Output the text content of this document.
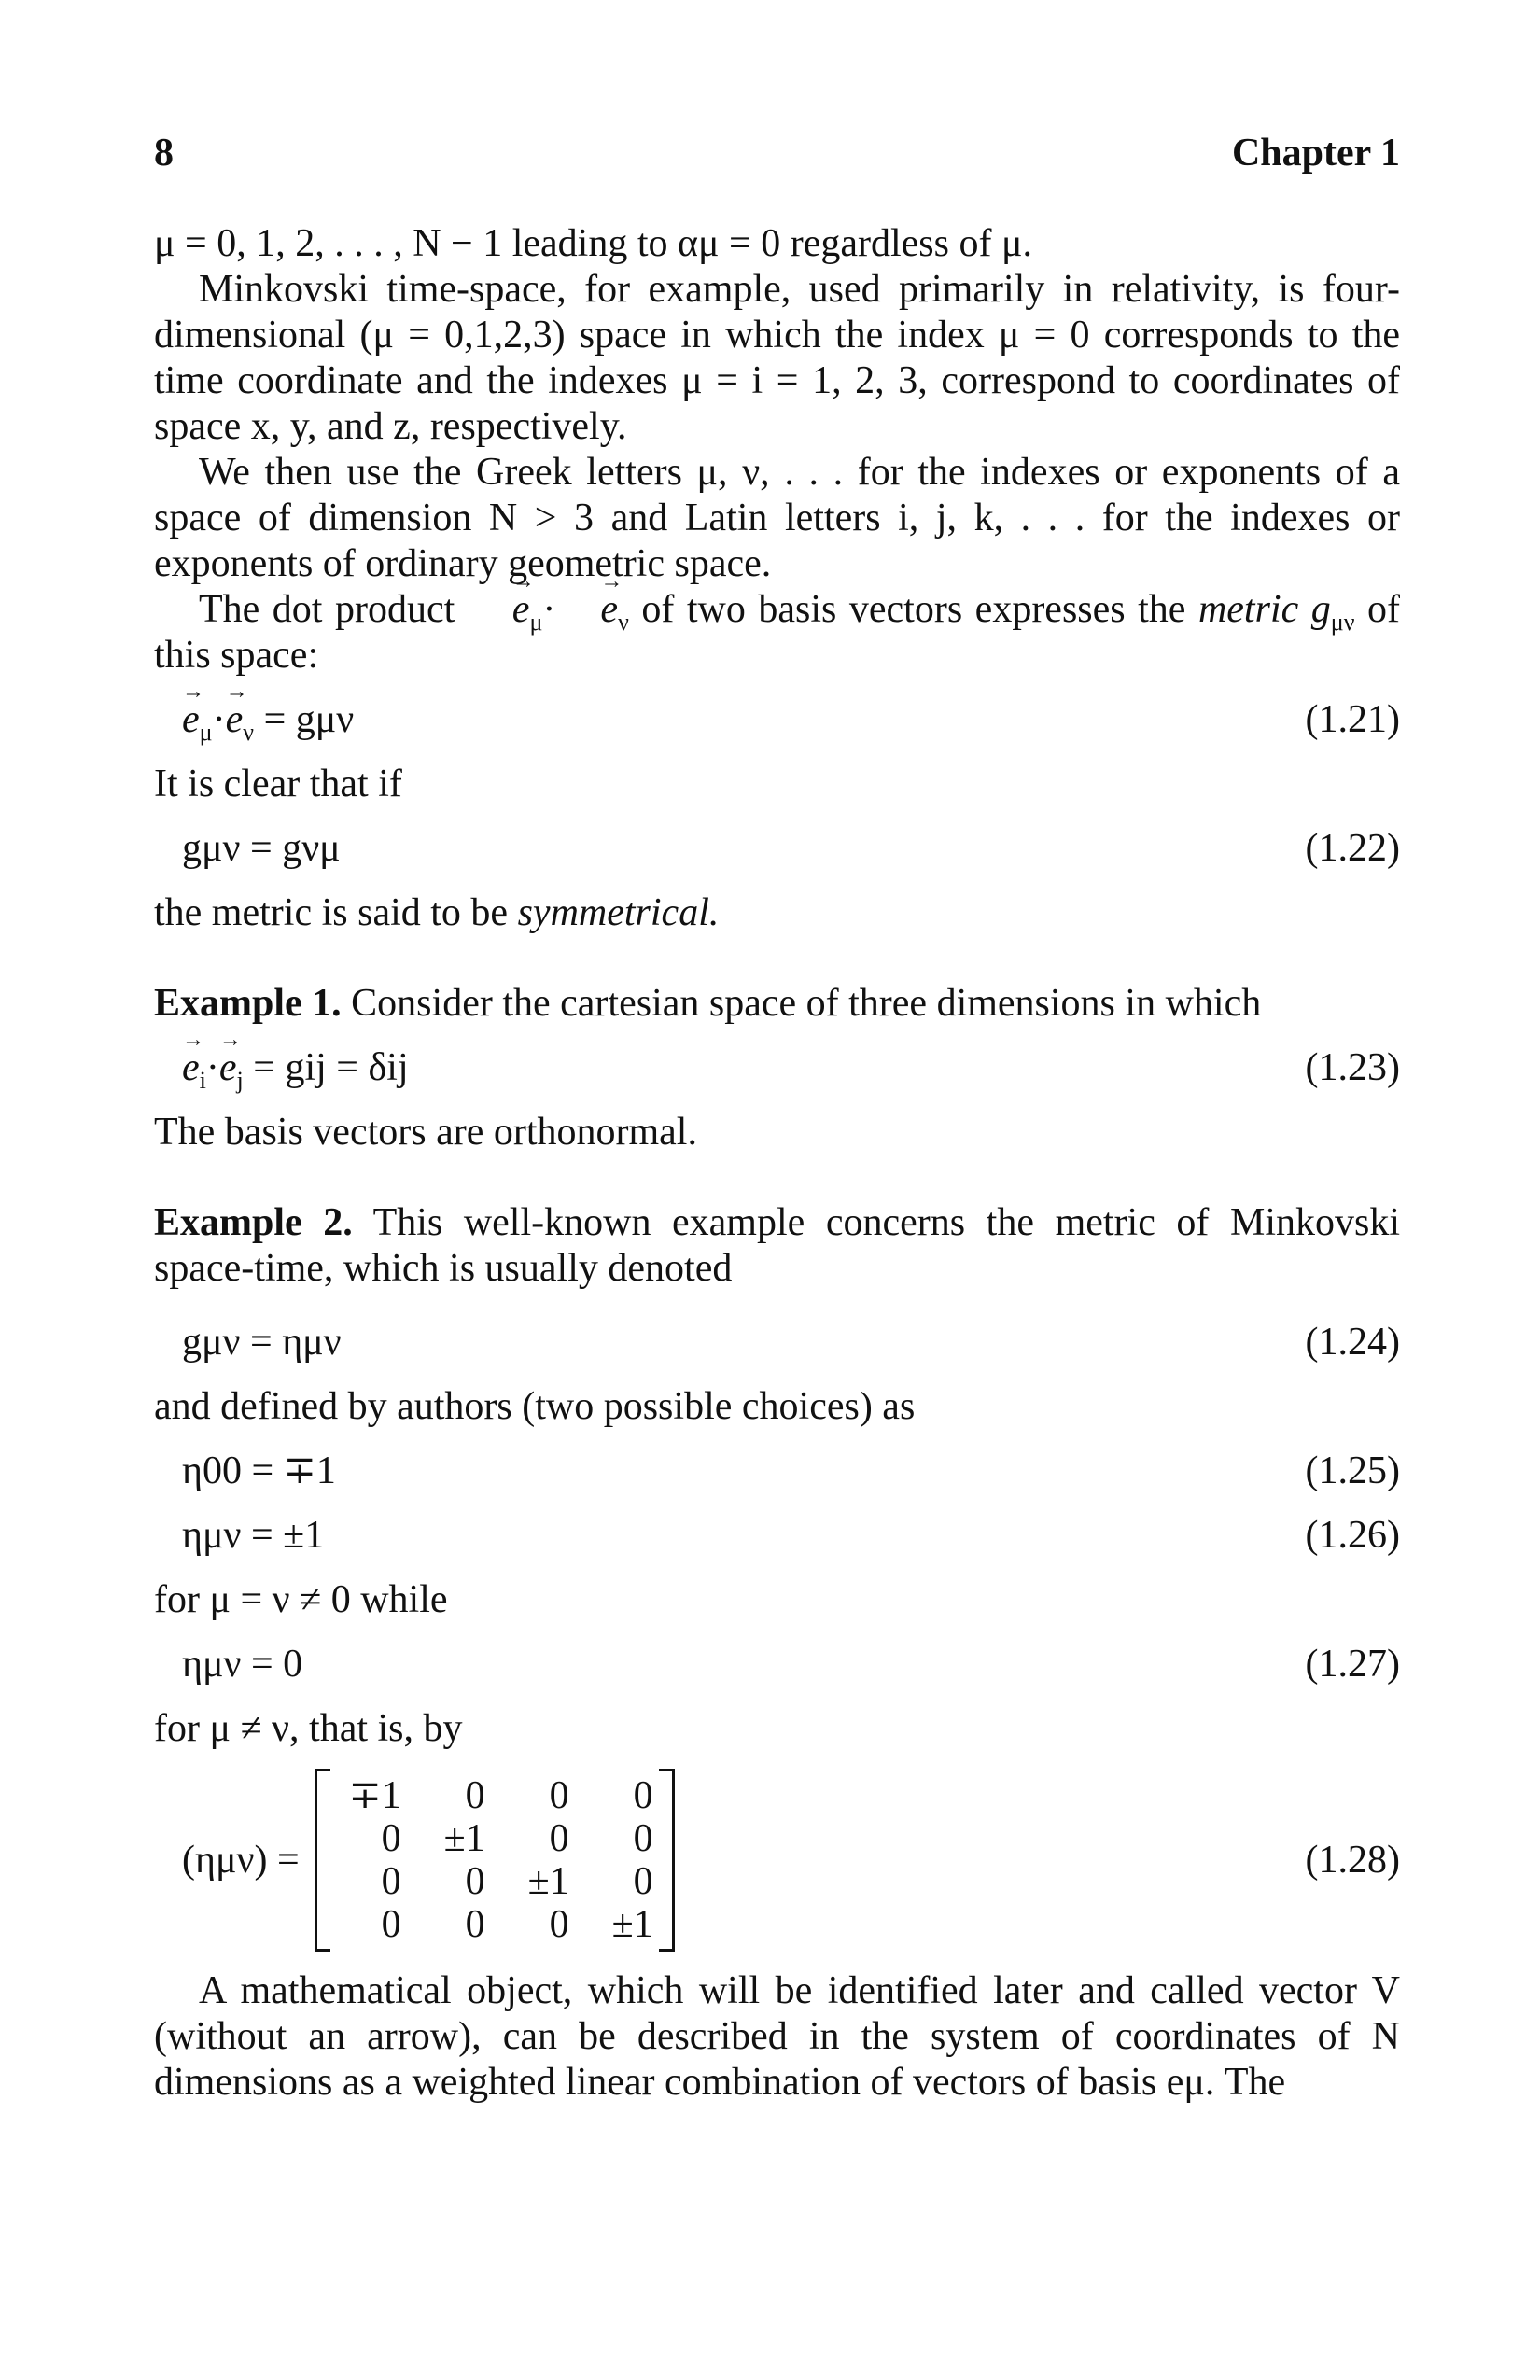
8	Chapter 1

μ = 0, 1, 2, . . . , N − 1 leading to αμ = 0 regardless of μ.

Minkovski time-space, for example, used primarily in relativity, is four-dimensional (μ = 0,1,2,3) space in which the index μ = 0 corresponds to the time coordinate and the indexes μ = i = 1, 2, 3, correspond to coordinates of space x, y, and z, respectively.

We then use the Greek letters μ, ν, . . . for the indexes or exponents of a space of dimension N > 3 and Latin letters i, j, k, . . . for the indexes or exponents of ordinary geometric space.

The dot product → $e_\mu\cdot \to e_\nu$ of two basis vectors expresses the metric $g_{\mu\nu}$ of this space:

→ $e_\mu\cdot\to e_\nu = g\mu\nu$	(1.21)

It is clear that if

gμν = gνμ	(1.22)

the metric is said to be symmetrical.

Example 1. Consider the cartesian space of three dimensions in which

→ $e_i\cdot\to e_j$ = gij = δij	(1.23)

The basis vectors are orthonormal.

Example 2. This well-known example concerns the metric of Minkovski space-time, which is usually denoted

gμν = ημν	(1.24)

and defined by authors (two possible choices) as

η00 = ∓1	(1.25)
ημν = ±1	(1.26)

for μ = ν ≠ 0 while

ημν = 0	(1.27)

for μ ≠ ν, that is, by

(ημν) =
∓1	0	0	0
0	±1	0	0
0	0	±1	0
0	0	0	±1
(1.28)

A mathematical object, which will be identified later and called vector V (without an arrow), can be described in the system of coordinates of N dimensions as a weighted linear combination of vectors of basis eμ. The
